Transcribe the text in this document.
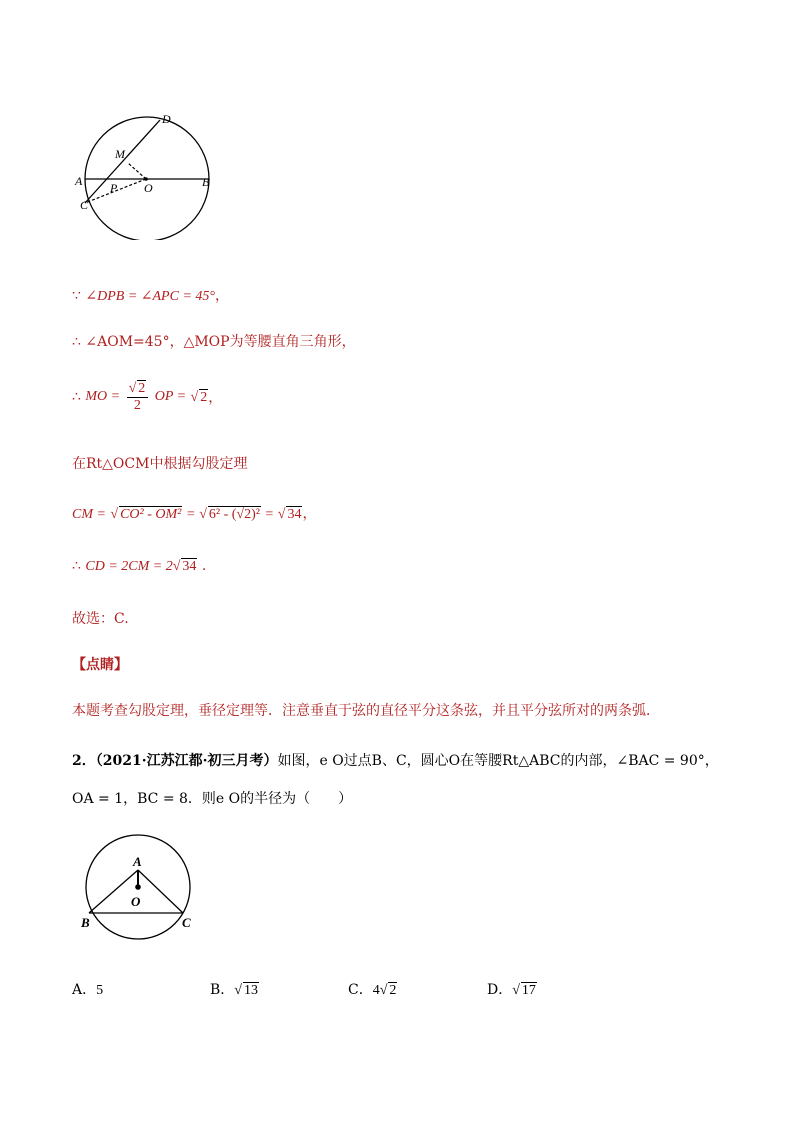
D
M
A P O	B
C
∵ ∠DPB = ∠APC = 45°，
∴ ∠AOM=45°，△MOP为等腰直角三角形，
∴ MO = $\frac{√ 2}{2}$ OP = √ 2，
在Rt△OCM中根据勾股定理
CM = √ CO² - OM² = √ 6² - (√2)² = √ 34，
∴ CD = 2CM = 2√ 34 .
故选：C.
【点睛】
本题考查勾股定理，垂径定理等．注意垂直于弦的直径平分这条弦，并且平分弦所对的两条弧．
2．（2021·江苏江都·初三月考）如图，e O过点B、C，圆心O在等腰Rt△ABC的内部，∠BAC = 90°，
OA = 1，BC = 8．则e O的半径为（　　）
A
O
B	C
A．5	B．√ 13	C．4√ 2	D．√ 17
